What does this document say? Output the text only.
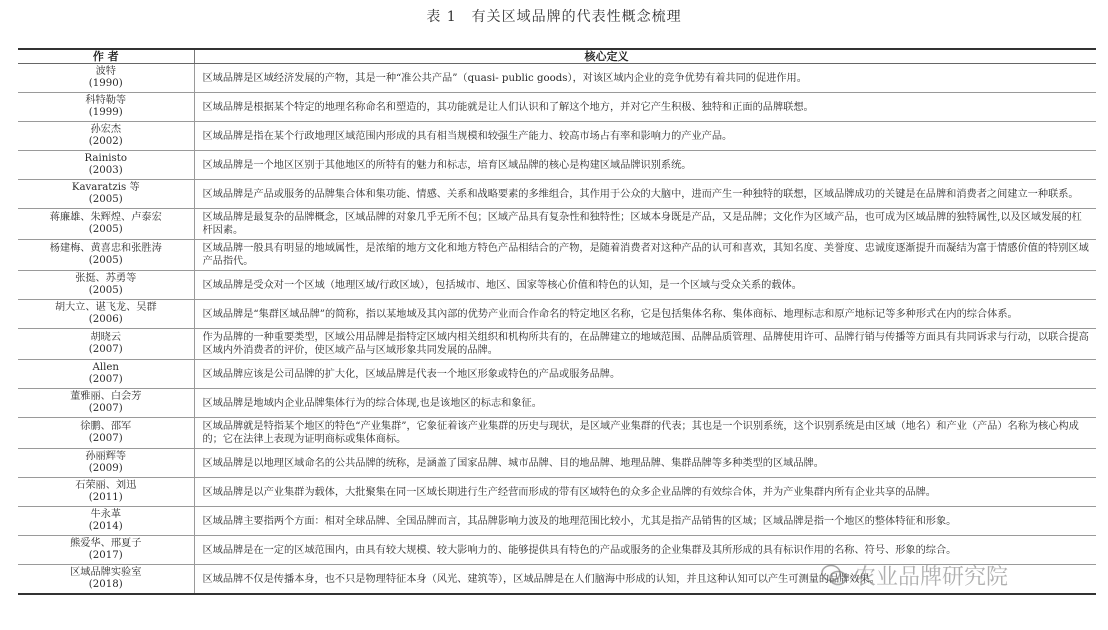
表 1　有关区域品牌的代表性概念梳理
作 者	核心定义

波特
(1990)	区域品牌是区域经济发展的产物，其是一种“准公共产品”（quasi- public goods），对该区域内企业的竞争优势有着共同的促进作用。

科特勒等
(1999)	区域品牌是根据某个特定的地理名称命名和塑造的，其功能就是让人们认识和了解这个地方，并对它产生积极、独特和正面的品牌联想。

孙宏杰
(2002)	区域品牌是指在某个行政地理区域范围内形成的具有相当规模和较强生产能力、较高市场占有率和影响力的产业产品。

Rainisto
(2003)	区域品牌是一个地区区别于其他地区的所特有的魅力和标志，培育区域品牌的核心是构建区域品牌识别系统。

Kavaratzis 等
(2005)	区域品牌是产品或服务的品牌集合体和集功能、情感、关系和战略要素的多维组合，其作用于公众的大脑中，进而产生一种独特的联想，区域品牌成功的关键是在品牌和消费者之间建立一种联系。

蒋廉雄、朱辉煌、卢泰宏
(2005)	区域品牌是最复杂的品牌概念，区域品牌的对象几乎无所不包；区域产品具有复杂性和独特性；区域本身既是产品，又是品牌；文化作为区域产品，也可成为区域品牌的独特属性,以及区域发展的杠杆因素。

杨建梅、黄喜忠和张胜涛
(2005)	区域品牌一般具有明显的地域属性，是浓缩的地方文化和地方特色产品相结合的产物，是随着消费者对这种产品的认可和喜欢，其知名度、美誉度、忠诚度逐渐提升而凝结为富于情感价值的特别区域产品指代。

张挺、苏勇等
(2005)	区域品牌是受众对一个区域（地理区域/行政区域），包括城市、地区、国家等核心价值和特色的认知，是一个区域与受众关系的载体。

胡大立、谌飞龙、吴群
(2006)	区域品牌是“集群区域品牌”的简称，指以某地域及其內部的优势产业而合作命名的特定地区名称，它是包括集体名称、集体商标、地理标志和原产地标记等多种形式在内的综合体系。

胡晓云
(2007)	作为品牌的一种重要类型，区域公用品牌是指特定区域内相关组织和机构所共有的，在品牌建立的地域范围、品牌品质管理、品牌使用许可、品牌行销与传播等方面具有共同诉求与行动，以联合提高区域内外消费者的评价，使区域产品与区域形象共同发展的品牌。

Allen
(2007)	区域品牌应该是公司品牌的扩大化，区域品牌是代表一个地区形象或特色的产品或服务品牌。

董雅丽、白会芳
(2007)	区域品牌是地域内企业品牌集体行为的综合体现,也是该地区的标志和象征。

徐鹏、邵军
(2007)	区域品牌就是特指某个地区的特色“产业集群”，它象征着该产业集群的历史与现状，是区域产业集群的代表；其也是一个识别系统，这个识别系统是由区域（地名）和产业（产品）名称为核心构成的；它在法律上表现为证明商标或集体商标。

孙丽辉等
(2009)	区域品牌是以地理区域命名的公共品牌的统称，是涵盖了国家品牌、城市品牌、目的地品牌、地理品牌、集群品牌等多种类型的区域品牌。

石荣丽、刘迅
(2011)	区域品牌是以产业集群为载体，大批聚集在同一区域长期进行生产经营而形成的带有区域特色的众多企业品牌的有效综合体，并为产业集群内所有企业共享的品牌。

牛永革
(2014)	区域品牌主要指两个方面：相对全球品牌、全国品牌而言，其品牌影响力波及的地理范围比较小，尤其是指产品销售的区域；区域品牌是指一个地区的整体特征和形象。

熊爱华、邢夏子
(2017)	区域品牌是在一定的区域范围内，由具有较大规模、较大影响力的、能够提供具有特色的产品或服务的企业集群及其所形成的具有标识作用的名称、符号、形象的综合。

区域品牌实验室
(2018)	区域品牌不仅是传播本身，也不只是物理特征本身（风光、建筑等），区域品牌是在人们脑海中形成的认知，并且这种认知可以产生可测量的品牌效果。
农业品牌研究院
